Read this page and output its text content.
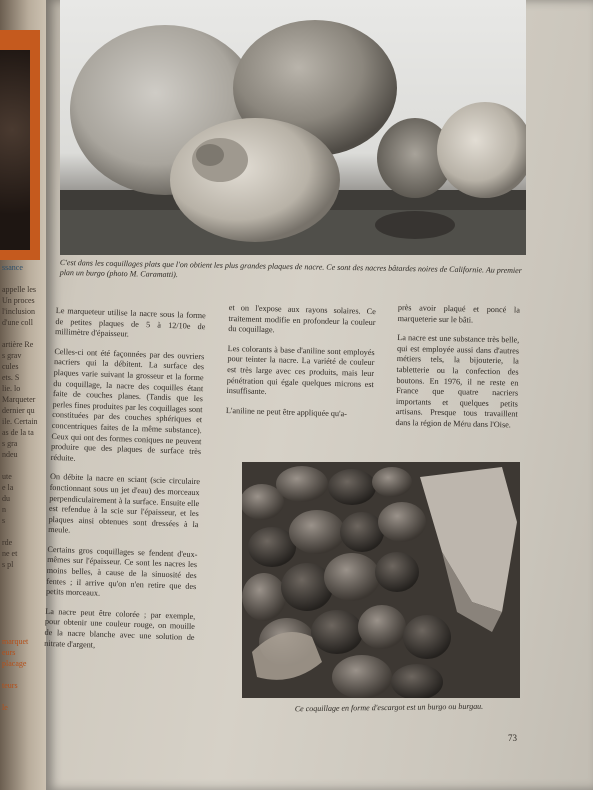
ssance
appelle les
Un proces
l'inclusion
d'une coll
artière Re
s grav
cules
ets. S
lie. lo
Marqueter
dernier qu
ile. Certain
as de la ta
s gra
ndeu
ute
e la
du
n
s
rde
ne et
s pl
marquet
eurs
placage
teurs
le
C'est dans les coquillages plats que l'on obtient les plus grandes plaques de nacre. Ce sont des nacres bâtardes noires de Californie. Au premier plan un burgo (photo M. Caramatti).

Le marqueteur utilise la nacre sous la forme de petites plaques de 5 à 12/10e de millimètre d'épaisseur.

Celles-ci ont été façonnées par des ouvriers nacriers qui la débitent. La surface des plaques varie suivant la grosseur et la forme du coquillage, la nacre des coquilles étant faite de couches planes. (Tandis que les perles fines produites par les coquillages sont constituées par des couches sphériques et concentriques faites de la même substance). Ceux qui ont des formes coniques ne peuvent produire que des plaques de surface très réduite.

On débite la nacre en sciant (scie circulaire fonctionnant sous un jet d'eau) des morceaux perpendiculairement à la surface. Ensuite elle est refendue à la scie sur l'épaisseur, et les plaques ainsi obtenues sont dressées à la meule.

Certains gros coquillages se fendent d'eux-mêmes sur l'épaisseur. Ce sont les nacres les moins belles, à cause de la sinuosité des fentes ; il arrive qu'on n'en retire que des petits morceaux.

La nacre peut être colorée ; par exemple, pour obtenir une couleur rouge, on mouille de la nacre blanche avec une solution de nitrate d'argent,

et on l'expose aux rayons solaires. Ce traitement modifie en profondeur la couleur du coquillage.

Les colorants à base d'aniline sont employés pour teinter la nacre. La variété de couleur est très large avec ces produits, mais leur pénétration qui égale quelques microns est insuffisante.

L'aniline ne peut être appliquée qu'a-

près avoir plaqué et poncé la marqueterie sur le bâti.

La nacre est une substance très belle, qui est employée aussi dans d'autres métiers tels, la bijouterie, la tabletterie ou la confection des boutons. En 1976, il ne reste en France que quatre nacriers importants et quelques petits artisans. Presque tous travaillent dans la région de Méru dans l'Oise.

Ce coquillage en forme d'escargot est un burgo ou burgau.
73
